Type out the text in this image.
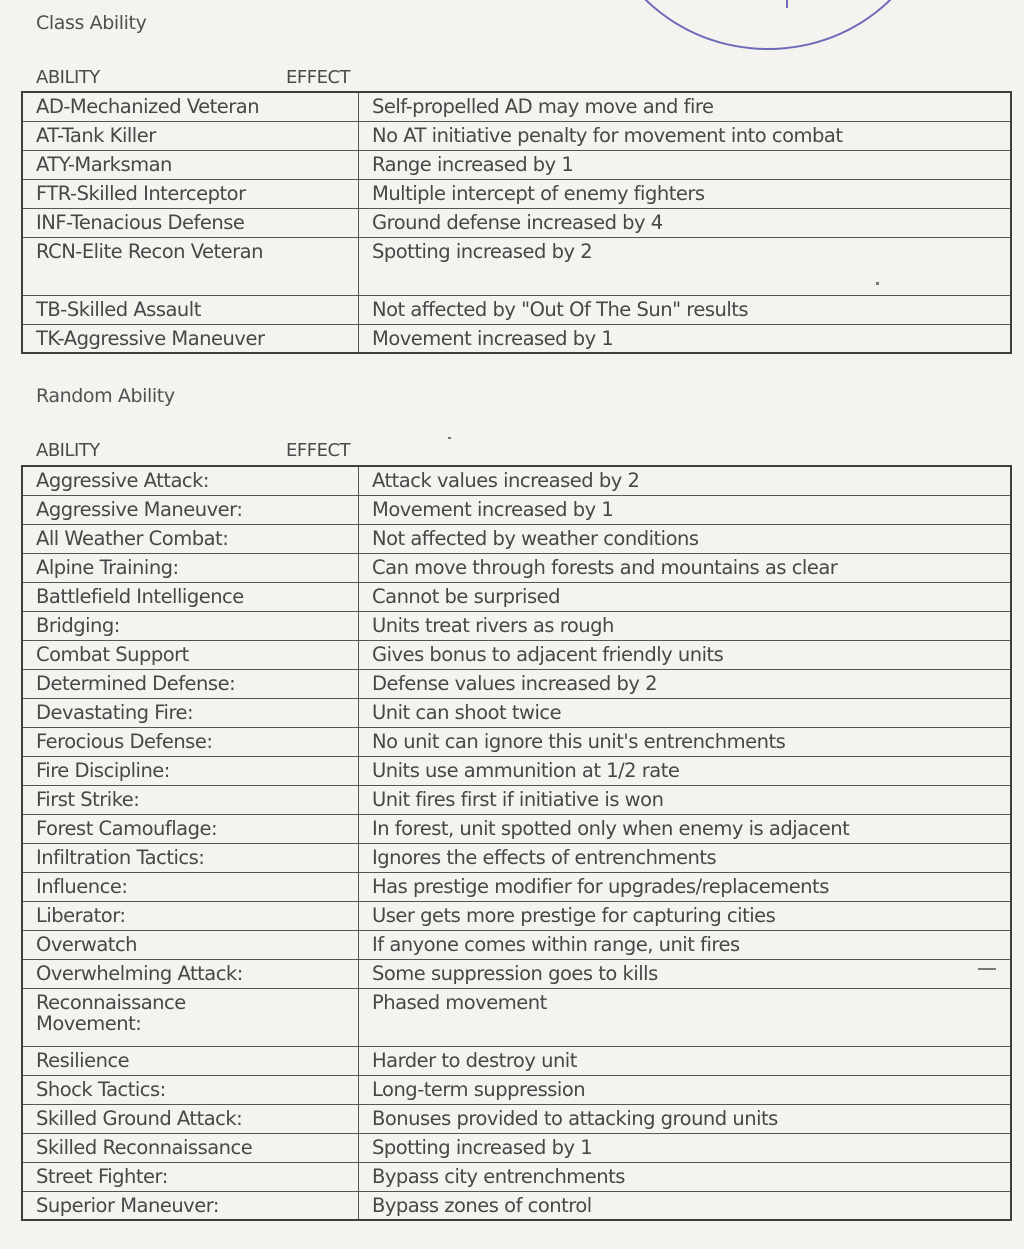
Class Ability
ABILITY	EFFECT
AD-Mechanized Veteran	Self-propelled AD may move and fire
AT-Tank Killer	No AT initiative penalty for movement into combat
ATY-Marksman	Range increased by 1
FTR-Skilled Interceptor	Multiple intercept of enemy fighters
INF-Tenacious Defense	Ground defense increased by 4
RCN-Elite Recon Veteran	Spotting increased by 2
TB-Skilled Assault	Not affected by "Out Of The Sun" results
TK-Aggressive Maneuver	Movement increased by 1
Random Ability
ABILITY	EFFECT
Aggressive Attack:	Attack values increased by 2
Aggressive Maneuver:	Movement increased by 1
All Weather Combat:	Not affected by weather conditions
Alpine Training:	Can move through forests and mountains as clear
Battlefield Intelligence	Cannot be surprised
Bridging:	Units treat rivers as rough
Combat Support	Gives bonus to adjacent friendly units
Determined Defense:	Defense values increased by 2
Devastating Fire:	Unit can shoot twice
Ferocious Defense:	No unit can ignore this unit's entrenchments
Fire Discipline:	Units use ammunition at 1/2 rate
First Strike:	Unit fires first if initiative is won
Forest Camouflage:	In forest, unit spotted only when enemy is adjacent
Infiltration Tactics:	Ignores the effects of entrenchments
Influence:	Has prestige modifier for upgrades/replacements
Liberator:	User gets more prestige for capturing cities
Overwatch	If anyone comes within range, unit fires
Overwhelming Attack:	Some suppression goes to kills
Reconnaissance Movement:	Phased movement
Resilience	Harder to destroy unit
Shock Tactics:	Long-term suppression
Skilled Ground Attack:	Bonuses provided to attacking ground units
Skilled Reconnaissance	Spotting increased by 1
Street Fighter:	Bypass city entrenchments
Superior Maneuver:	Bypass zones of control
